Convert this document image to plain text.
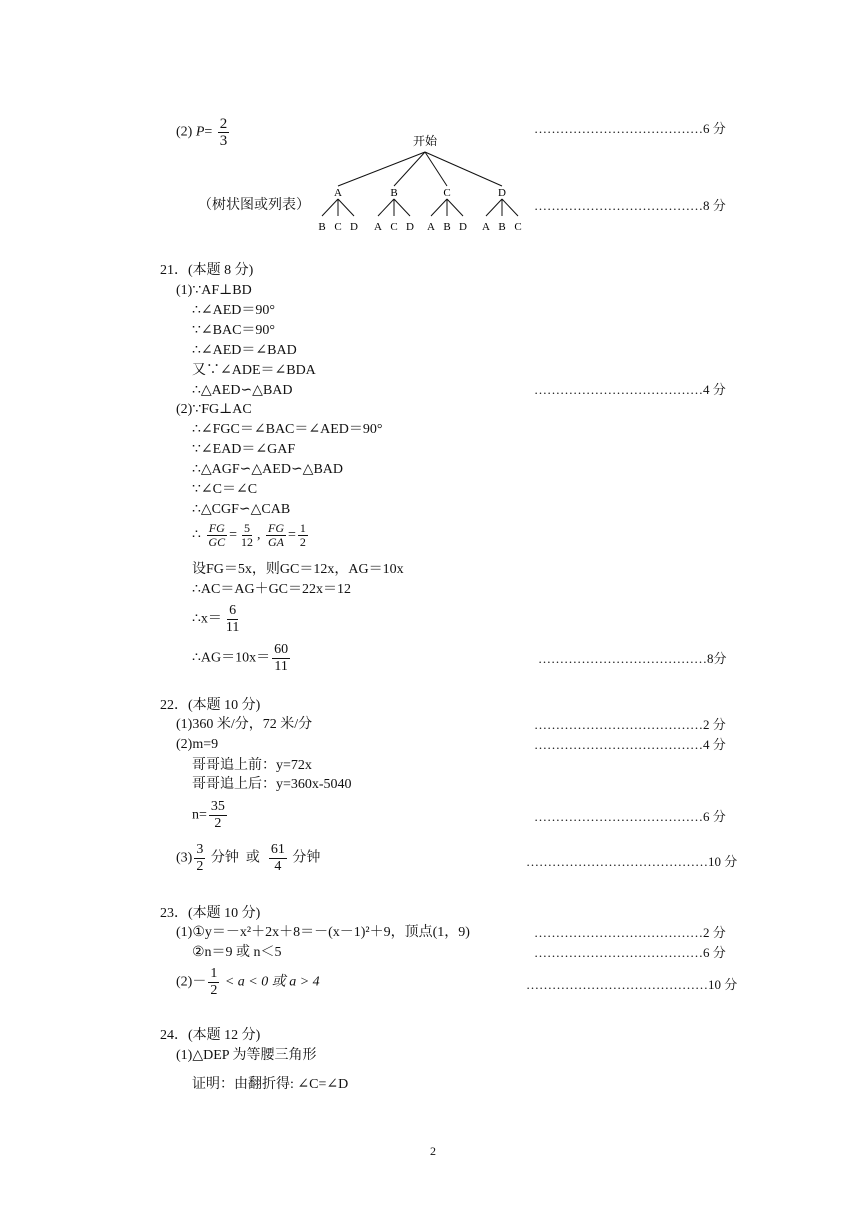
(2) $P= \frac{2}{3}$	…………………………………6 分
开始
A
B C D
B
A C D
C
A B D
D
A B C
（树状图或列表）	…………………………………8 分
21．(本题 8 分)
(1)∵AF⊥BD
∴∠AED＝90°
∵∠BAC＝90°
∴∠AED＝∠BAD
又∵∠ADE＝∠BDA
∴△AED∽△BAD	…………………………………4 分
(2)∵FG⊥AC
∴∠FGC＝∠BAC＝∠AED＝90°
∵∠EAD＝∠GAF
∴△AGF∽△AED∽△BAD
∵∠C＝∠C
∴△CGF∽△CAB
∴ $\frac{FG}{GC} = \frac{5}{12}$ , $\frac{FG}{GA} = \frac{1}{2}$
设FG＝5x，则GC＝12x，AG＝10x
∴AC＝AG＋GC＝22x＝12
∴x＝ $\frac{6}{11}$
∴AG＝10x＝ $\frac{60}{11}$	…………………………………8分
22．(本题 10 分)
(1)360 米/分，72 米/分	…………………………………2 分
(2)m=9	…………………………………4 分
哥哥追上前：y=72x
哥哥追上后：y=360x-5040
$n= \frac{35}{2}$	…………………………………6 分
$(3) \frac{3}{2}$ 分钟  或 $\frac{61}{4}$ 分钟	……………………………………10 分
23．(本题 10 分)
(1)①y＝－x²＋2x＋8＝－(x－1)²＋9，顶点(1，9)	…………………………………2 分
②n＝9 或 n＜5	…………………………………6 分
$(2)- \frac{1}{2} < a < 0$ 或 a > 4	……………………………………10 分
24．(本题 12 分)
(1)△DEP 为等腰三角形
证明：由翻折得: ∠C=∠D
2
